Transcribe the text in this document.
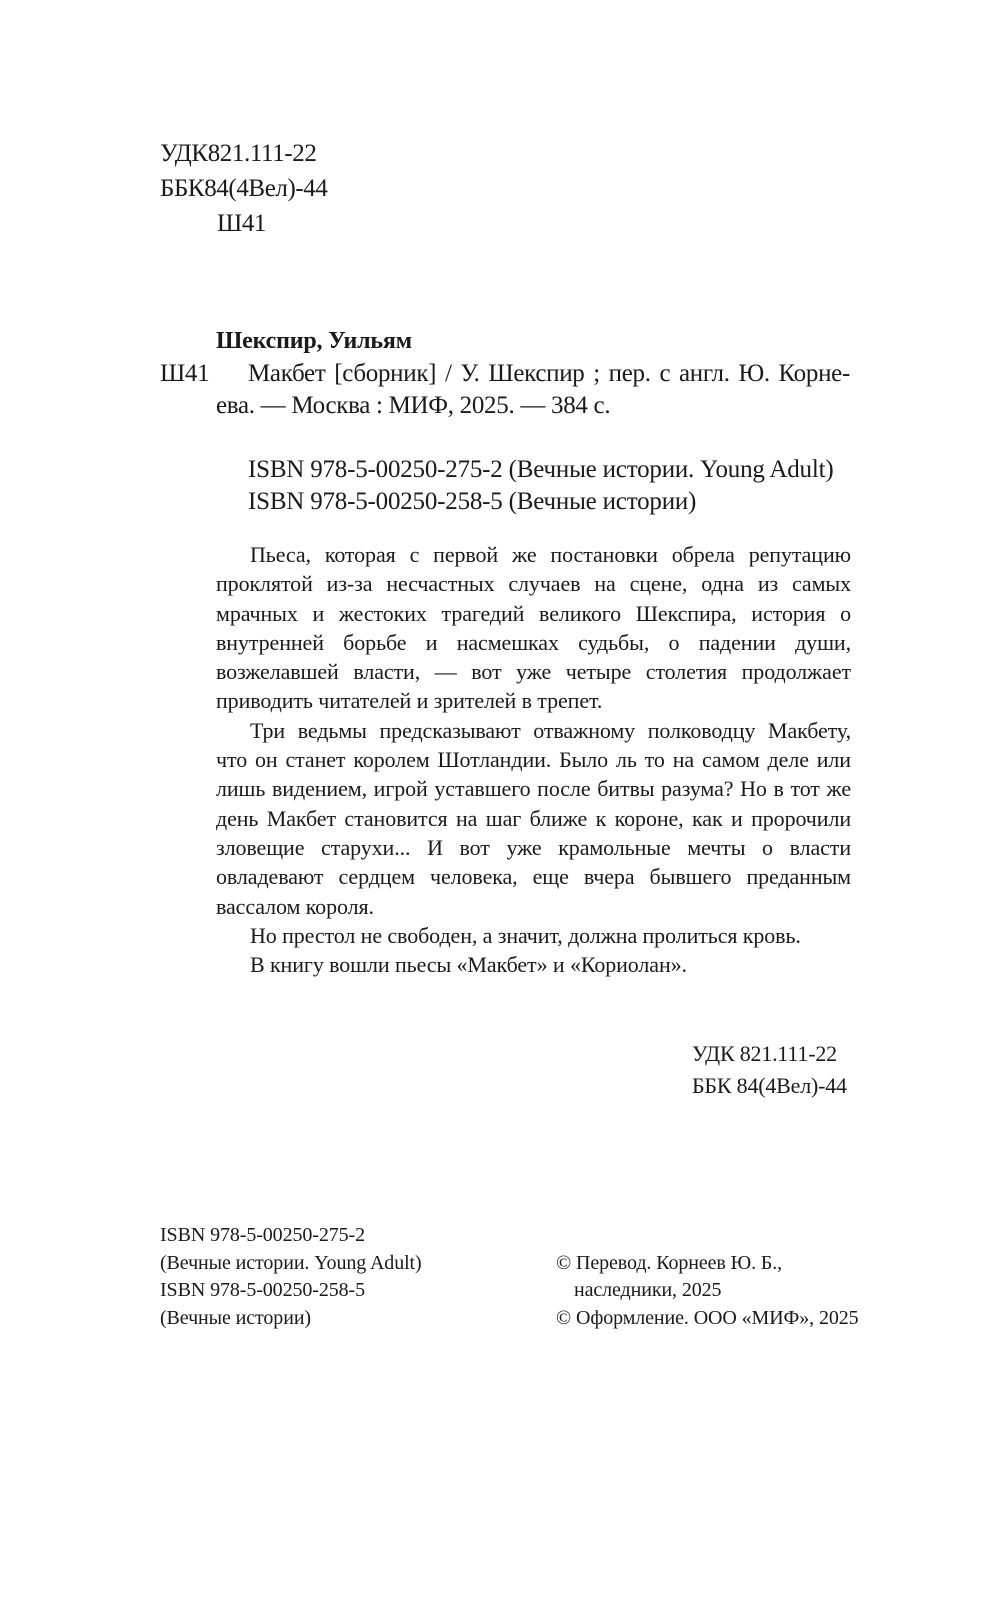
УДК821.111-22
ББК84(4Вел)-44
Ш41
Шекспир, Уильям
Ш41 Макбет [сборник] / У. Шекспир ; пер. с англ. Ю. Корне-
ева. — Москва : МИФ, 2025. — 384 с.
ISBN 978-5-00250-275-2 (Вечные истории. Young Adult)
ISBN 978-5-00250-258-5 (Вечные истории)

Пьеса, которая с первой же постановки обрела репутацию проклятой из-за несчастных случаев на сцене, одна из самых мрачных и жестоких трагедий великого Шекспира, история о внутренней борьбе и насмешках судьбы, о падении души, возжелавшей власти, — вот уже четыре столетия продолжает приводить читателей и зрителей в трепет.

Три ведьмы предсказывают отважному полководцу Макбету, что он станет королем Шотландии. Было ль то на самом деле или лишь видением, игрой уставшего после битвы разума? Но в тот же день Макбет становится на шаг ближе к короне, как и пророчили зловещие старухи... И вот уже крамольные мечты о власти овладевают сердцем человека, еще вчера бывшего преданным вассалом короля.

Но престол не свободен, а значит, должна пролиться кровь.

В книгу вошли пьесы «Макбет» и «Кориолан».

УДК 821.111-22
ББК 84(4Вел)-44
ISBN 978-5-00250-275-2
(Вечные истории. Young Adult)
ISBN 978-5-00250-258-5
(Вечные истории)
© Перевод. Корнеев Ю. Б.,
наследники, 2025
© Оформление. ООО «МИФ», 2025
